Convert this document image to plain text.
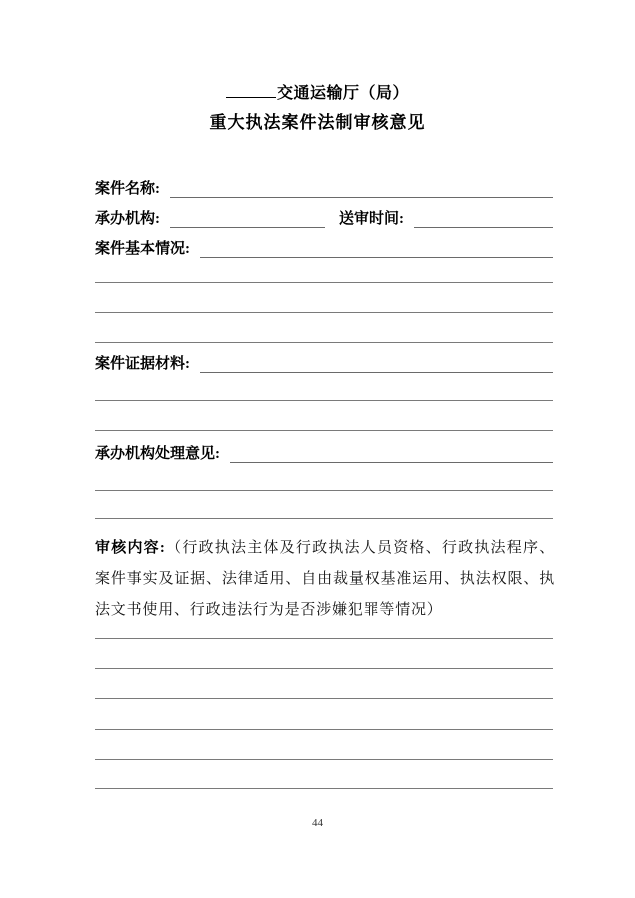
交通运输厅（局）
重大执法案件法制审核意见
案件名称:
承办机构:	送审时间:
案件基本情况:
案件证据材料:
承办机构处理意见:
审核内容:（行政执法主体及行政执法人员资格、行政执法程序、案件事实及证据、法律适用、自由裁量权基准运用、执法权限、执法文书使用、行政违法行为是否涉嫌犯罪等情况）
44
